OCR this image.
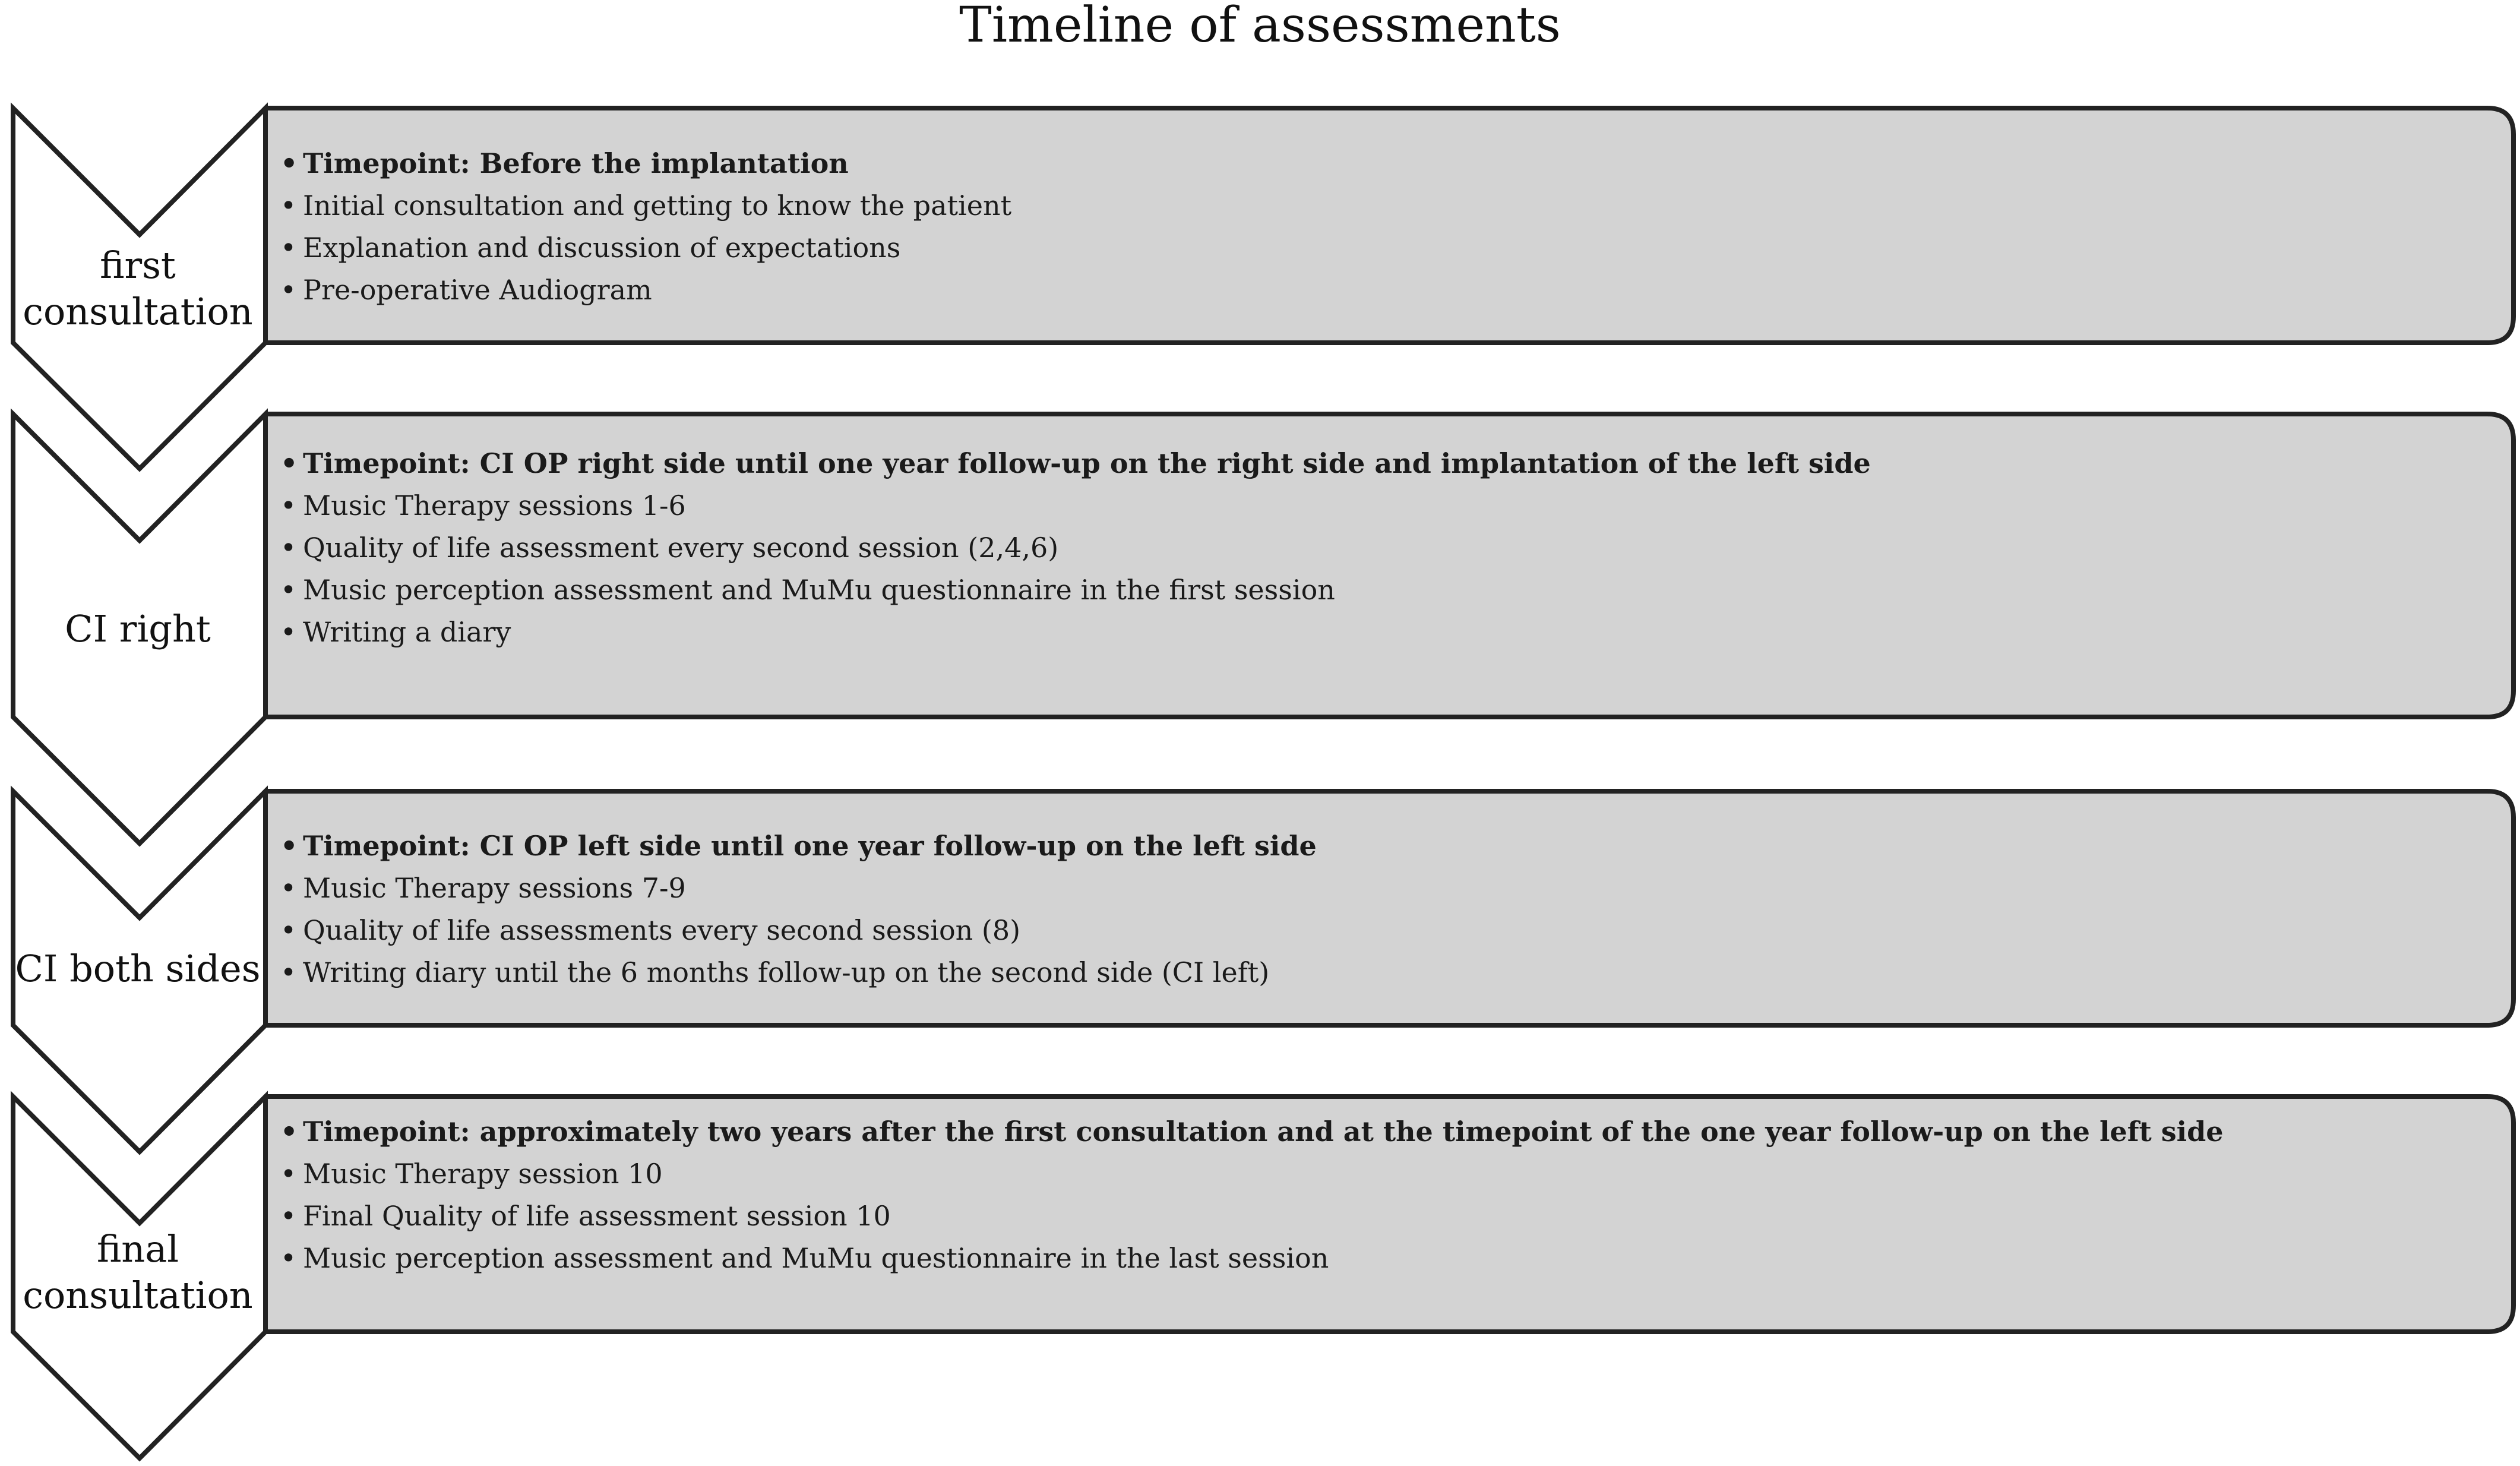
Timeline of assessments
first
consultation
CI right
CI both sides
final
consultation
• Timepoint: Before the implantation
• Initial consultation and getting to know the patient
• Explanation and discussion of expectations
• Pre-operative Audiogram
• Timepoint: CI OP right side until one year follow-up on the right side and implantation of the left side
• Music Therapy sessions 1-6
• Quality of life assessment every second session (2,4,6)
• Music perception assessment and MuMu questionnaire in the first session
• Writing a diary
• Timepoint: CI OP left side until one year follow-up on the left side
• Music Therapy sessions 7-9
• Quality of life assessments every second session (8)
• Writing diary until the 6 months follow-up on the second side (CI left)
• Timepoint: approximately two years after the first consultation and at the timepoint of the one year follow-up on the left side
• Music Therapy session 10
• Final Quality of life assessment session 10
• Music perception assessment and MuMu questionnaire in the last session
